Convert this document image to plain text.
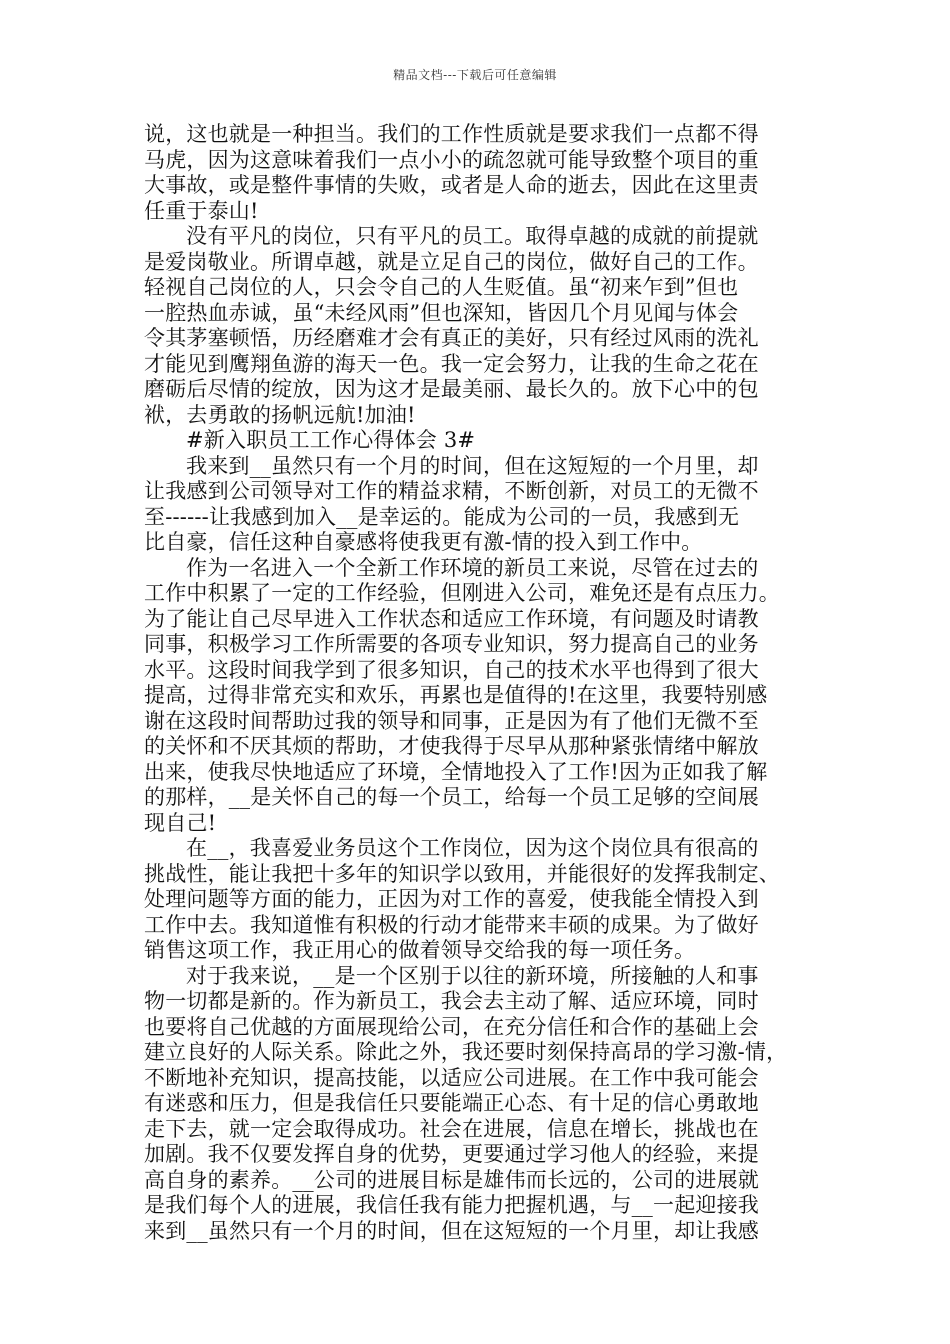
精品文档---下载后可任意编辑
说，这也就是一种担当。我们的工作性质就是要求我们一点都不得
马虎，因为这意味着我们一点小小的疏忽就可能导致整个项目的重
大事故，或是整件事情的失败，或者是人命的逝去，因此在这里责
任重于泰山!
没有平凡的岗位，只有平凡的员工。取得卓越的成就的前提就
是爱岗敬业。所谓卓越，就是立足自己的岗位，做好自己的工作。
轻视自己岗位的人，只会令自己的人生贬值。虽“初来乍到”但也
一腔热血赤诚，虽“未经风雨”但也深知，皆因几个月见闻与体会
令其茅塞顿悟，历经磨难才会有真正的美好，只有经过风雨的洗礼
才能见到鹰翔鱼游的海天一色。我一定会努力，让我的生命之花在
磨砺后尽情的绽放，因为这才是最美丽、最长久的。放下心中的包
袱，去勇敢的扬帆远航!加油!
#新入职员工工作心得体会 3#
我来到__虽然只有一个月的时间，但在这短短的一个月里，却
让我感到公司领导对工作的精益求精，不断创新，对员工的无微不
至------让我感到加入__是幸运的。能成为公司的一员，我感到无
比自豪，信任这种自豪感将使我更有激-情的投入到工作中。
作为一名进入一个全新工作环境的新员工来说，尽管在过去的
工作中积累了一定的工作经验，但刚进入公司，难免还是有点压力。
为了能让自己尽早进入工作状态和适应工作环境，有问题及时请教
同事，积极学习工作所需要的各项专业知识，努力提高自己的业务
水平。这段时间我学到了很多知识，自己的技术水平也得到了很大
提高，过得非常充实和欢乐，再累也是值得的!在这里，我要特别感
谢在这段时间帮助过我的领导和同事，正是因为有了他们无微不至
的关怀和不厌其烦的帮助，才使我得于尽早从那种紧张情绪中解放
出来，使我尽快地适应了环境，全情地投入了工作!因为正如我了解
的那样，__是关怀自己的每一个员工，给每一个员工足够的空间展
现自己!
在__，我喜爱业务员这个工作岗位，因为这个岗位具有很高的
挑战性，能让我把十多年的知识学以致用，并能很好的发挥我制定、
处理问题等方面的能力，正因为对工作的喜爱，使我能全情投入到
工作中去。我知道惟有积极的行动才能带来丰硕的成果。为了做好
销售这项工作，我正用心的做着领导交给我的每一项任务。
对于我来说，__是一个区别于以往的新环境，所接触的人和事
物一切都是新的。作为新员工，我会去主动了解、适应环境，同时
也要将自己优越的方面展现给公司，在充分信任和合作的基础上会
建立良好的人际关系。除此之外，我还要时刻保持高昂的学习激-情，
不断地补充知识，提高技能，以适应公司进展。在工作中我可能会
有迷惑和压力，但是我信任只要能端正心态、有十足的信心勇敢地
走下去，就一定会取得成功。社会在进展，信息在增长，挑战也在
加剧。我不仅要发挥自身的优势，更要通过学习他人的经验，来提
高自身的素养。__公司的进展目标是雄伟而长远的，公司的进展就
是我们每个人的进展，我信任我有能力把握机遇，与__一起迎接我
来到__虽然只有一个月的时间，但在这短短的一个月里，却让我感
